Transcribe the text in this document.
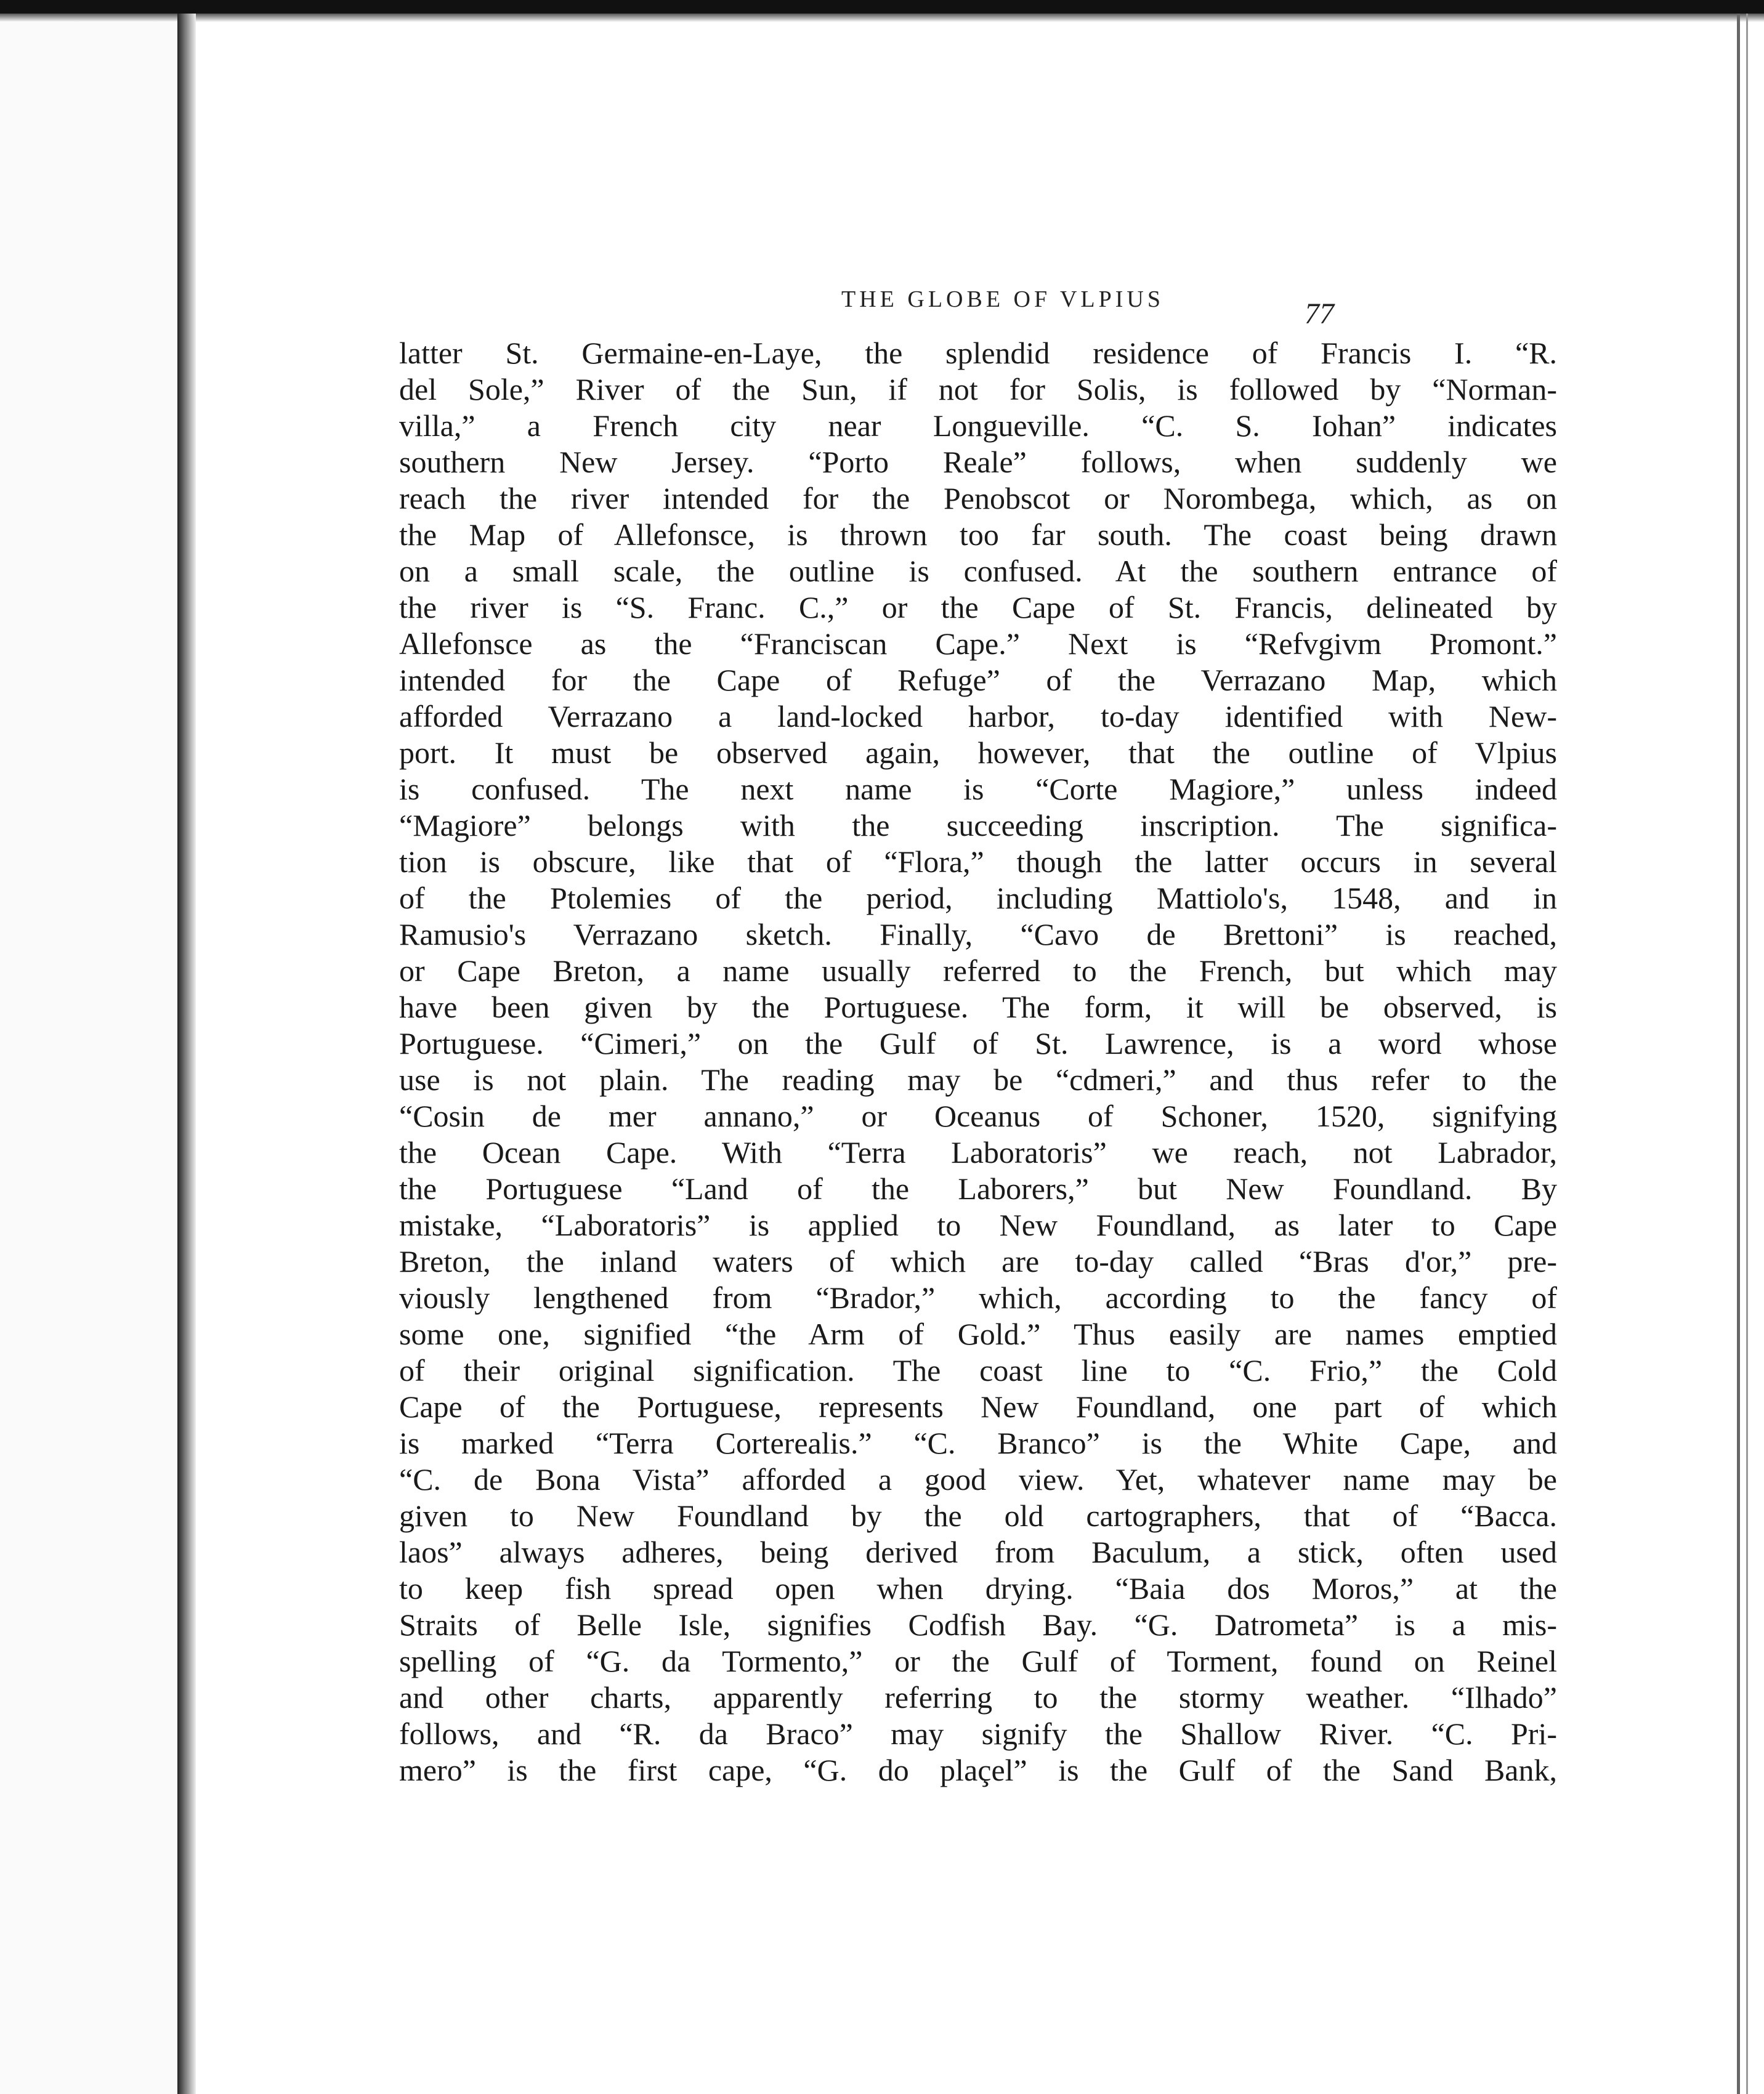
THE GLOBE OF VLPIUS	77
latter St. Germaine-en-Laye, the splendid residence of Francis I. “R.
del Sole,” River of the Sun, if not for Solis, is followed by “Norman-
villa,” a French city near Longueville. “C. S. Iohan” indicates
southern New Jersey. “Porto Reale” follows, when suddenly we
reach the river intended for the Penobscot or Norombega, which, as on
the Map of Allefonsce, is thrown too far south. The coast being drawn
on a small scale, the outline is confused. At the southern entrance of
the river is “S. Franc. C.,” or the Cape of St. Francis, delineated by
Allefonsce as the “Franciscan Cape.” Next is “Refvgivm Promont.”
intended for the Cape of Refuge” of the Verrazano Map, which
afforded Verrazano a land-locked harbor, to-day identified with New-
port. It must be observed again, however, that the outline of Vlpius
is confused. The next name is “Corte Magiore,” unless indeed
“Magiore” belongs with the succeeding inscription. The significa-
tion is obscure, like that of “Flora,” though the latter occurs in several
of the Ptolemies of the period, including Mattiolo's, 1548, and in
Ramusio's Verrazano sketch. Finally, “Cavo de Brettoni” is reached,
or Cape Breton, a name usually referred to the French, but which may
have been given by the Portuguese. The form, it will be observed, is
Portuguese. “Cimeri,” on the Gulf of St. Lawrence, is a word whose
use is not plain. The reading may be “cdmeri,” and thus refer to the
“Cosin de mer annano,” or Oceanus of Schoner, 1520, signifying
the Ocean Cape. With “Terra Laboratoris” we reach, not Labrador,
the Portuguese “Land of the Laborers,” but New Foundland. By
mistake, “Laboratoris” is applied to New Foundland, as later to Cape
Breton, the inland waters of which are to-day called “Bras d'or,” pre-
viously lengthened from “Brador,” which, according to the fancy of
some one, signified “the Arm of Gold.” Thus easily are names emptied
of their original signification. The coast line to “C. Frio,” the Cold
Cape of the Portuguese, represents New Foundland, one part of which
is marked “Terra Corterealis.” “C. Branco” is the White Cape, and
“C. de Bona Vista” afforded a good view. Yet, whatever name may be
given to New Foundland by the old cartographers, that of “Bacca.
laos” always adheres, being derived from Baculum, a stick, often used
to keep fish spread open when drying. “Baia dos Moros,” at the
Straits of Belle Isle, signifies Codfish Bay. “G. Datrometa” is a mis-
spelling of “G. da Tormento,” or the Gulf of Torment, found on Reinel
and other charts, apparently referring to the stormy weather. “Ilhado”
follows, and “R. da Braco” may signify the Shallow River. “C. Pri-
mero” is the first cape, “G. do plaçel” is the Gulf of the Sand Bank,
